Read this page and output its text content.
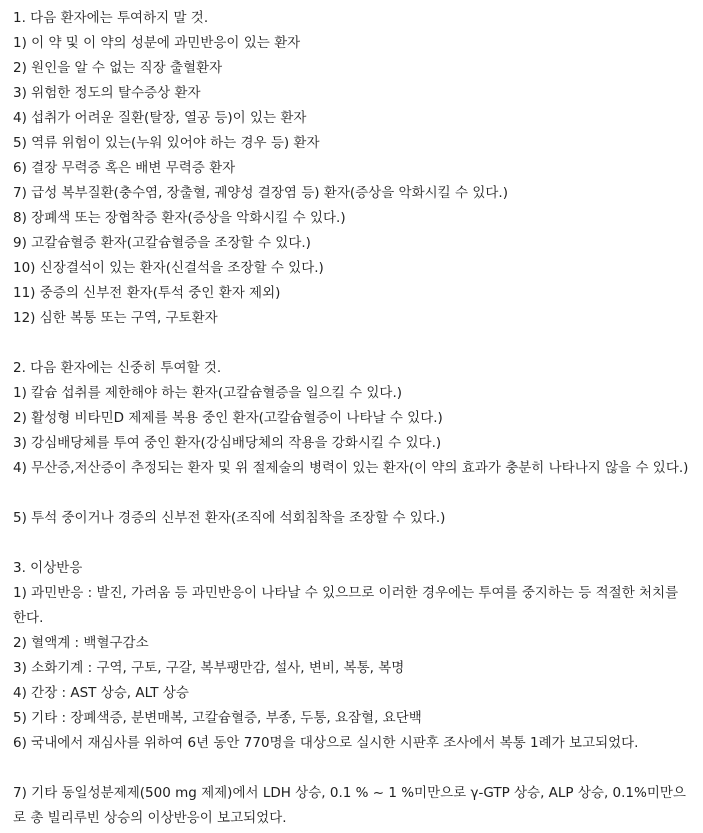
1. 다음 환자에는 투여하지 말 것.
1) 이 약 및 이 약의 성분에 과민반응이 있는 환자
2) 원인을 알 수 없는 직장 출혈환자
3) 위험한 정도의 탈수증상 환자
4) 섭취가 어려운 질환(탈장, 열공 등)이 있는 환자
5) 역류 위험이 있는(누워 있어야 하는 경우 등) 환자
6) 결장 무력증 혹은 배변 무력증 환자
7) 급성 복부질환(충수염, 장출혈, 궤양성 결장염 등) 환자(증상을 악화시킬 수 있다.)
8) 장폐색 또는 장협착증 환자(증상을 악화시킬 수 있다.)
9) 고칼슘혈증 환자(고칼슘혈증을 조장할 수 있다.)
10) 신장결석이 있는 환자(신결석을 조장할 수 있다.)
11) 중증의 신부전 환자(투석 중인 환자 제외)
12) 심한 복통 또는 구역, 구토환자
2. 다음 환자에는 신중히 투여할 것.
1) 칼슘 섭취를 제한해야 하는 환자(고칼슘혈증을 일으킬 수 있다.)
2) 활성형 비타민D 제제를 복용 중인 환자(고칼슘혈증이 나타날 수 있다.)
3) 강심배당체를 투여 중인 환자(강심배당체의 작용을 강화시킬 수 있다.)
4) 무산증,저산증이 추정되는 환자 및 위 절제술의 병력이 있는 환자(이 약의 효과가 충분히 나타나지 않을 수 있다.)
5) 투석 중이거나 경증의 신부전 환자(조직에 석회침착을 조장할 수 있다.)
3. 이상반응
1) 과민반응 : 발진, 가려움 등 과민반응이 나타날 수 있으므로 이러한 경우에는 투여를 중지하는 등 적절한 처치를 한다.
2) 혈액계 : 백혈구감소
3) 소화기계 : 구역, 구토, 구갈, 복부팽만감, 설사, 변비, 복통, 복명
4) 간장 : AST 상승, ALT 상승
5) 기타 : 장폐색증, 분변매복, 고칼슘혈증, 부종, 두통, 요잠혈, 요단백
6) 국내에서 재심사를 위하여 6년 동안 770명을 대상으로 실시한 시판후 조사에서 복통 1례가 보고되었다.
7) 기타 동일성분제제(500 mg 제제)에서 LDH 상승, 0.1 % ~ 1 %미만으로 γ-GTP 상승, ALP 상승, 0.1%미만으로 총 빌리루빈 상승의 이상반응이 보고되었다.
